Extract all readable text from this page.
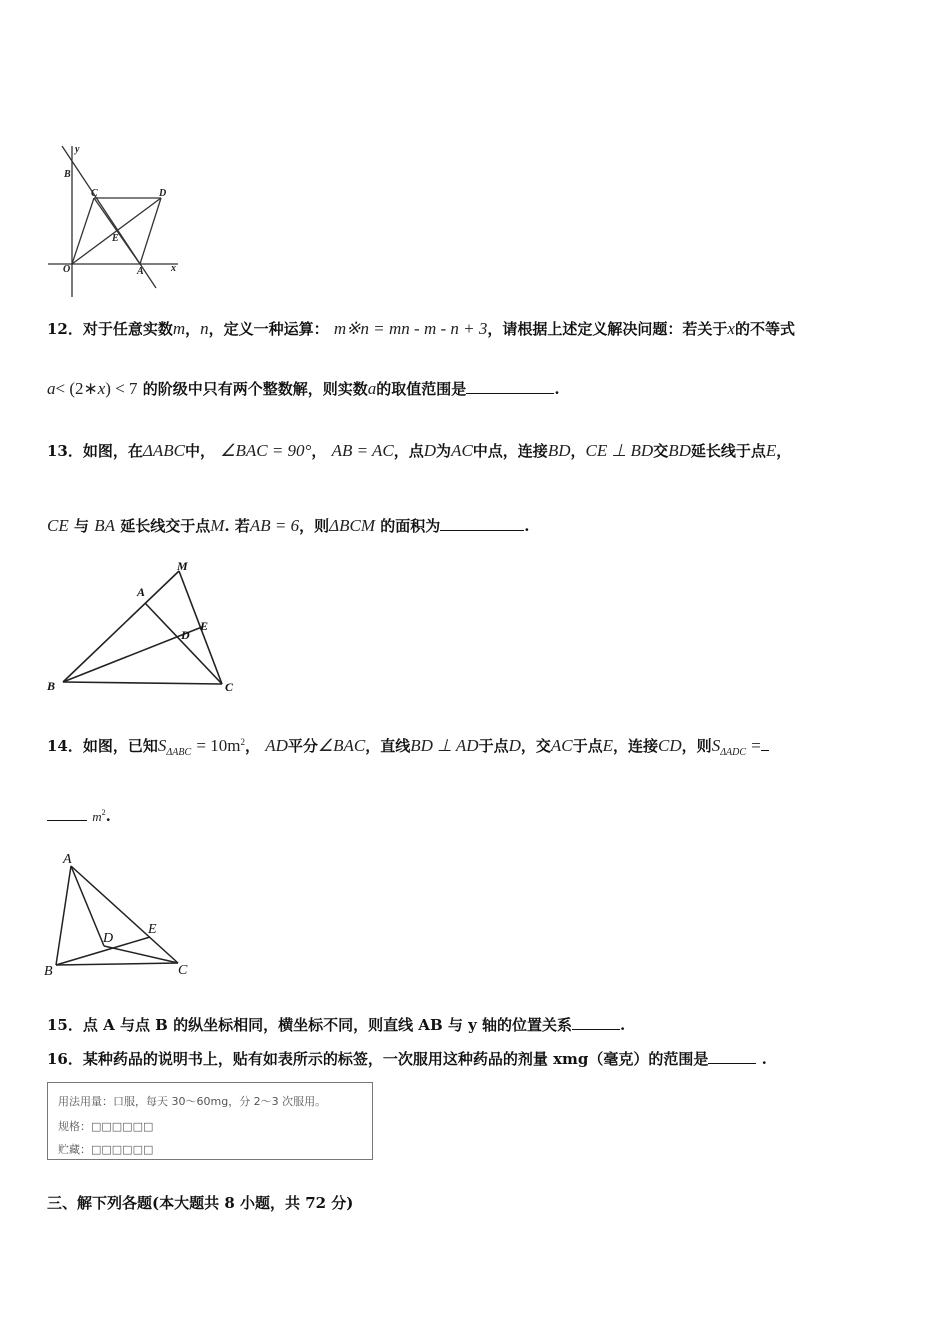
y
x
B
C	D
E
O	A
12．对于任意实数m，n，定义一种运算： m※n = mn - m - n + 3，请根据上述定义解决问题：若关于x的不等式
a< (2∗x) < 7 的阶级中只有两个整数解，则实数a的取值范围是	.
13．如图，在ΔABC中， ∠BAC = 90°， AB = AC，点D为AC中点，连接BD，CE ⊥ BD交BD延长线于点E，
CE 与 BA 延长线交于点M. 若AB = 6，则ΔBCM 的面积为	.
M
A
E
D
B	C
14．如图，已知$S_{\Delta ABC} = 10m^2$， AD平分∠BAC，直线BD ⊥ AD于点D，交AC于点E，连接CD，则$S_{\Delta ADC}$ =
$m^2$.
A
D
E
B	C
15．点 A 与点 B 的纵坐标相同，横坐标不同，则直线 AB 与 y 轴的位置关系	.
16．某种药品的说明书上，贴有如表所示的标签，一次服用这种药品的剂量 xmg（毫克）的范围是	.
用法用量：口服，每天 30～60mg，分 2～3 次服用。
规格：□□□□□□
贮藏：□□□□□□
三、解下列各题(本大题共 8 小题，共 72 分)
